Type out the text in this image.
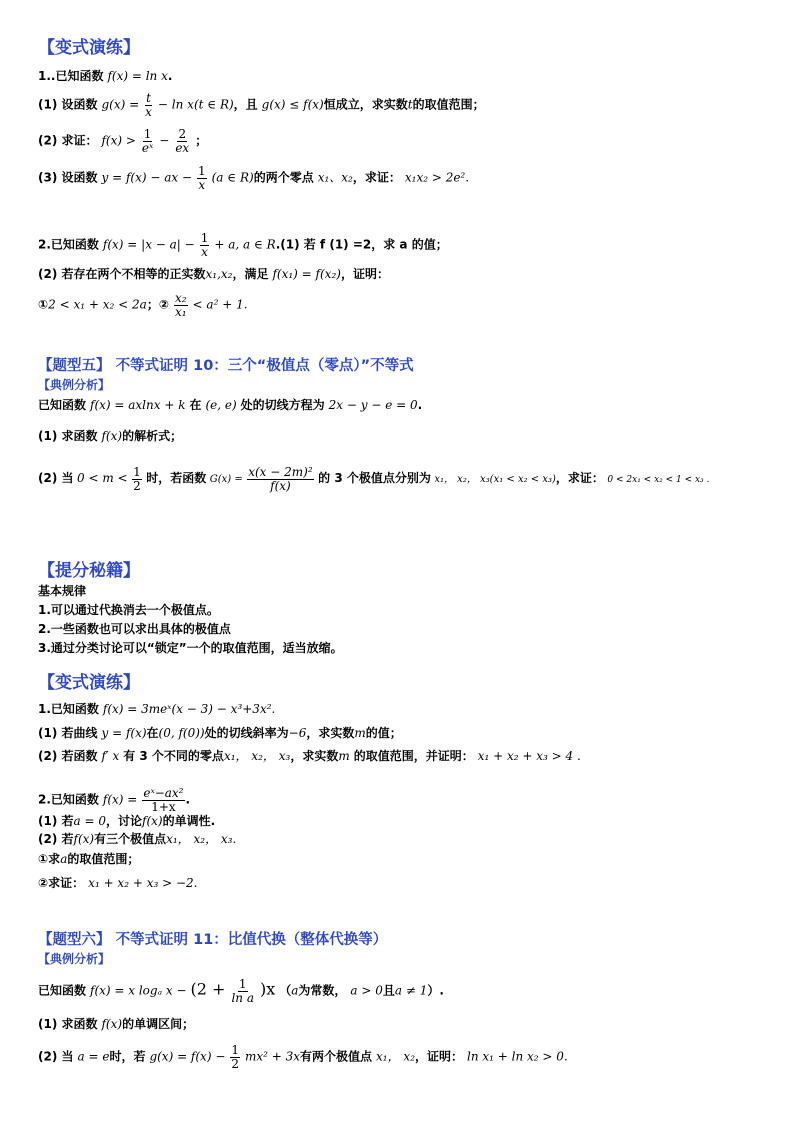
【变式演练】
1..已知函数 f(x) = ln x.
(1) 设函数 $g(x) = \frac{t}{x} - \ln x(t$ ∈ R)，且 g(x) ≤ f(x)恒成立，求实数t的取值范围；
(2) 求证： $f(x) > \frac{1}{\text{eˣ}} - \frac{2}{ex}$ ；
(3) 设函数 y = f(x) − ax − $\frac{1}{x} (a$ ∈ R)的两个零点 x₁、x₂，求证： x₁x₂ > 2e².
2.已知函数 $f(x) = |x - a| - \frac{1}{x} + a$, a ∈ R.(1) 若 f (1) =2，求 a 的值；
(2) 若存在两个不相等的正实数x₁,x₂，满足 f(x₁) = f(x₂)，证明：
①2 < x₁ + x₂ < 2a；② $\frac{\text{x₂}}{\text{x₁}} < a^2 + 1$.
【题型五】 不等式证明 10：三个“极值点（零点）”不等式
【典例分析】
已知函数 f(x) = axlnx + k 在 (e, e) 处的切线方程为 2x − y − e = 0.
(1) 求函数 f(x)的解析式；
(2) 当 $0 < m < \frac{1}{2}$ 时，若函数 $G(x) = \frac{\text{x(x − 2m)²}}{f(x)}$ 的 3 个极值点分别为 x₁， x₂， x₃(x₁ < x₂ < x₃)，求证： 0 < 2x₁ < x₂ < 1 < x₃ .
【提分秘籍】
基本规律
1.可以通过代换消去一个极值点。
2.一些函数也可以求出具体的极值点
3.通过分类讨论可以“锁定”一个的取值范围，适当放缩。
【变式演练】
1.已知函数 f(x) = 3meˣ(x − 3) − x³+3x².
(1) 若曲线 y = f(x)在(0, f(0))处的切线斜率为−6，求实数m的值；
(2) 若函数 f′ x 有 3 个不同的零点x₁， x₂， x₃，求实数m 的取值范围，并证明： x₁ + x₂ + x₃ > 4 .
2.已知函数 $f(x) = \frac{\text{eˣ−ax²}}{1+x}$ .
(1) 若a = 0，讨论f(x)的单调性.
(2) 若f(x)有三个极值点x₁， x₂， x₃.
①求a的取值范围；
②求证： x₁ + x₂ + x₃ > −2.
【题型六】 不等式证明 11：比值代换（整体代换等）
【典例分析】
已知函数 f(x) = x logₐ $x - (2 + \frac{1}{\text{ln a}} )x$ （a为常数， a > 0且a ≠ 1）.
(1) 求函数 f(x)的单调区间；
(2) 当 a = e时，若 $g(x) = f(x) - \frac{1}{2} mx^2 + 3x$有两个极值点 x₁， x₂，证明： ln x₁ + ln x₂ > 0.
